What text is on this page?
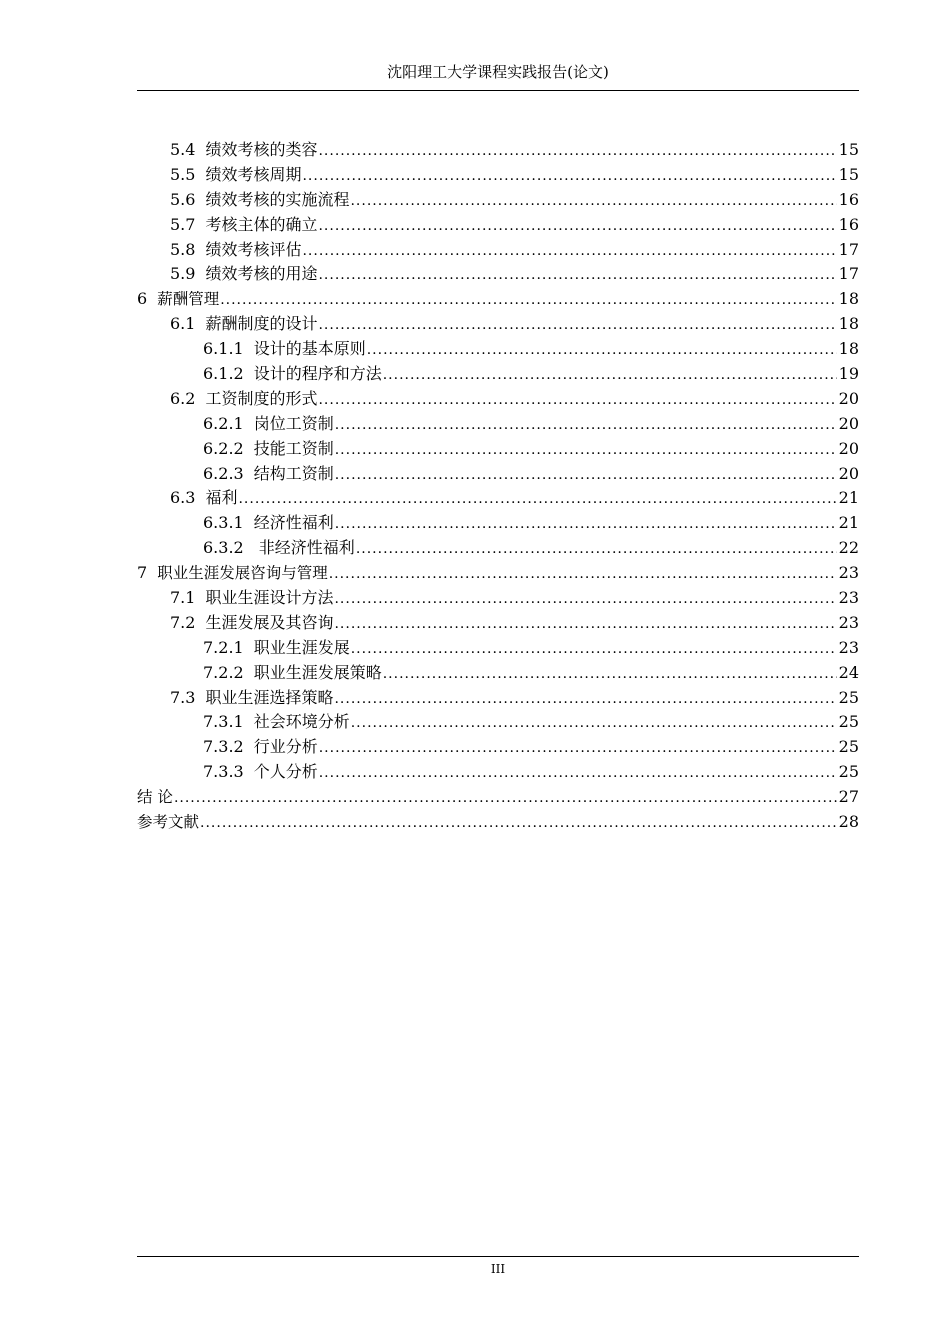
沈阳理工大学课程实践报告(论文)
5.4 绩效考核的类容 .....	15
5.5 绩效考核周期 .....	15
5.6 绩效考核的实施流程 .....	16
5.7 考核主体的确立 .....	16
5.8 绩效考核评估 .....	17
5.9 绩效考核的用途 .....	17
6 薪酬管理 .....	18
6.1 薪酬制度的设计 .....	18
6.1.1 设计的基本原则 .....	18
6.1.2 设计的程序和方法 .....	19
6.2 工资制度的形式 .....	20
6.2.1 岗位工资制 .....	20
6.2.2 技能工资制 .....	20
6.2.3 结构工资制 .....	20
6.3 福利 .....	21
6.3.1 经济性福利 .....	21
6.3.2 非经济性福利 .....	22
7 职业生涯发展咨询与管理 .....	23
7.1 职业生涯设计方法 .....	23
7.2 生涯发展及其咨询 .....	23
7.2.1 职业生涯发展 .....	23
7.2.2 职业生涯发展策略 .....	24
7.3 职业生涯选择策略 .....	25
7.3.1 社会环境分析 .....	25
7.3.2 行业分析 .....	25
7.3.3 个人分析 .....	25
结 论 .....	27
参考文献 .....	28
III
